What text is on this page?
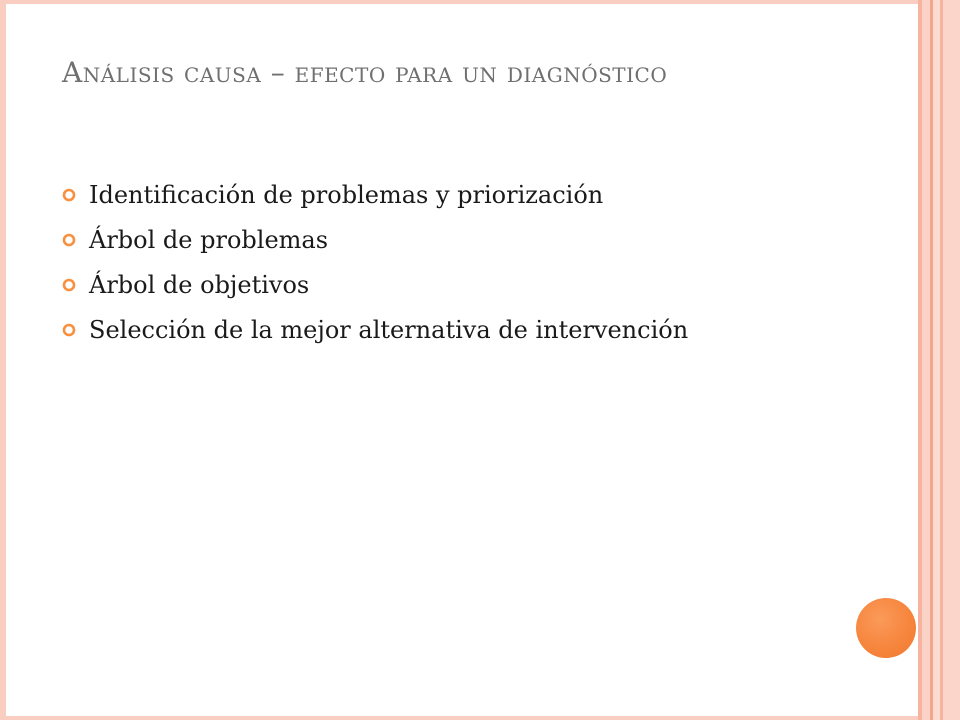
Análisis causa – efecto para un diagnóstico
Identificación de problemas y priorización
Árbol de problemas
Árbol de objetivos
Selección de la mejor alternativa de intervención
